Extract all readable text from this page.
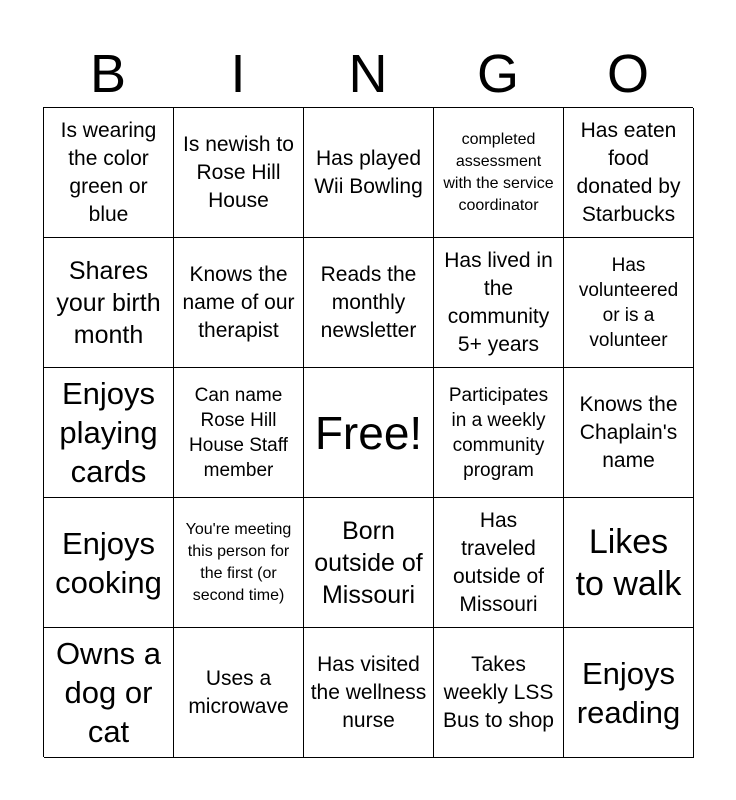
B	I	N	G	O
Is wearing the color green or blue
Is newish to Rose Hill House
Has played Wii Bowling
completed assessment with the service coordinator
Has eaten food donated by Starbucks
Shares your birth month
Knows the name of our therapist
Reads the monthly newsletter
Has lived in the community 5+ years
Has volunteered or is a volunteer
Enjoys playing cards
Can name Rose Hill House Staff member
Free!
Participates in a weekly community program
Knows the Chaplain's name
Enjoys cooking
You're meeting this person for the first (or second time)
Born outside of Missouri
Has traveled outside of Missouri
Likes to walk
Owns a dog or cat
Uses a microwave
Has visited the wellness nurse
Takes weekly LSS Bus to shop
Enjoys reading
